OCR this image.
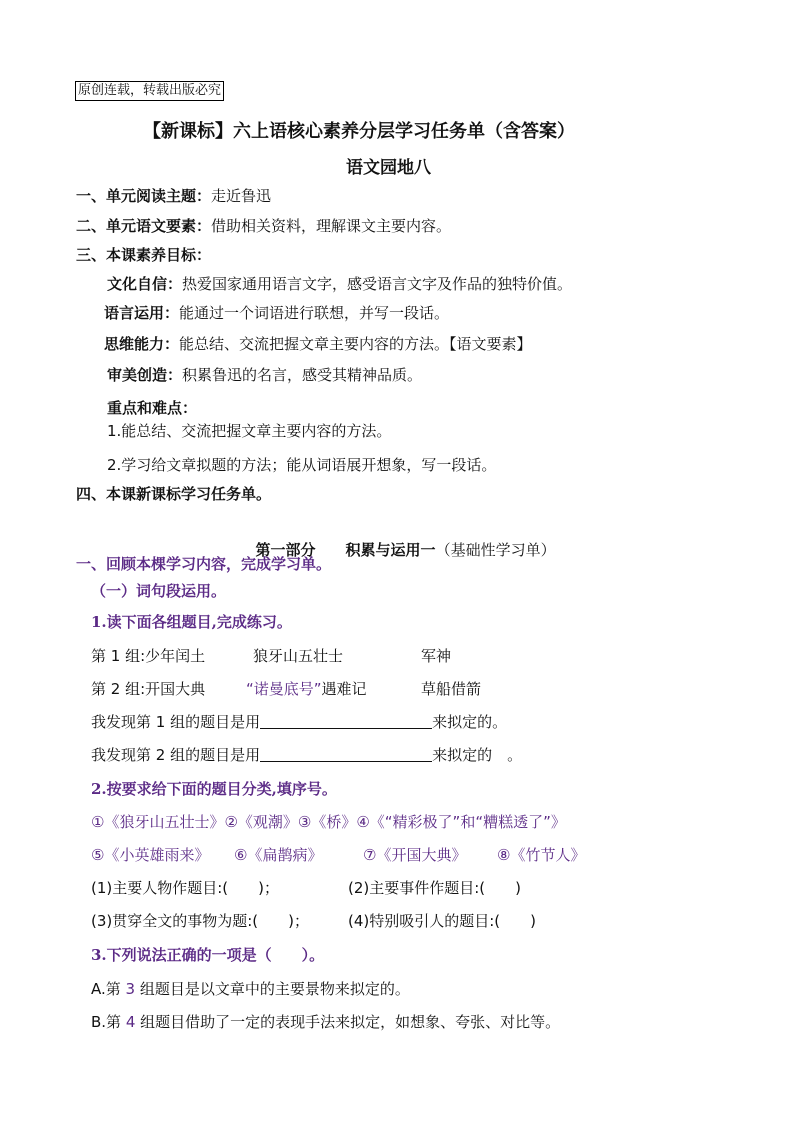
原创连载，转载出版必究
【新课标】六上语核心素养分层学习任务单（含答案）
语文园地八
一、单元阅读主题：走近鲁迅
二、单元语文要素：借助相关资料，理解课文主要内容。
三、本课素养目标：
文化自信：热爱国家通用语言文字，感受语言文字及作品的独特价值。
语言运用：能通过一个词语进行联想，并写一段话。
思维能力：能总结、交流把握文章主要内容的方法。【语文要素】
审美创造：积累鲁迅的名言，感受其精神品质。
重点和难点：
1.能总结、交流把握文章主要内容的方法。
2.学习给文章拟题的方法；能从词语展开想象，写一段话。
四、本课新课标学习任务单。

第一部分　　积累与运用一（基础性学习单）

一、回顾本棵学习内容，完成学习单。
（一）词句段运用。
1.读下面各组题目,完成练习。
第 1 组:少年闰土	狼牙山五壮士	军神
第 2 组:开国大典	“诺曼底号”遇难记	草船借箭
我发现第 1 组的题目是用	来拟定的。
我发现第 2 组的题目是用	来拟定的　。
2.按要求给下面的题目分类,填序号。
①《狼牙山五壮士》②《观潮》③《桥》④《“精彩极了”和“糟糕透了”》
⑤《小英雄雨来》 ⑥《扁鹊病》	⑦《开国大典》 ⑧《竹节人》
(1)主要人物作题目:(　　)；	(2)主要事件作题目:(　　)
(3)贯穿全文的事物为题:(　　)；	(4)特别吸引人的题目:(　　)
3.下列说法正确的一项是（　　）。
A.第 3 组题目是以文章中的主要景物来拟定的。
B.第 4 组题目借助了一定的表现手法来拟定，如想象、夸张、对比等。
